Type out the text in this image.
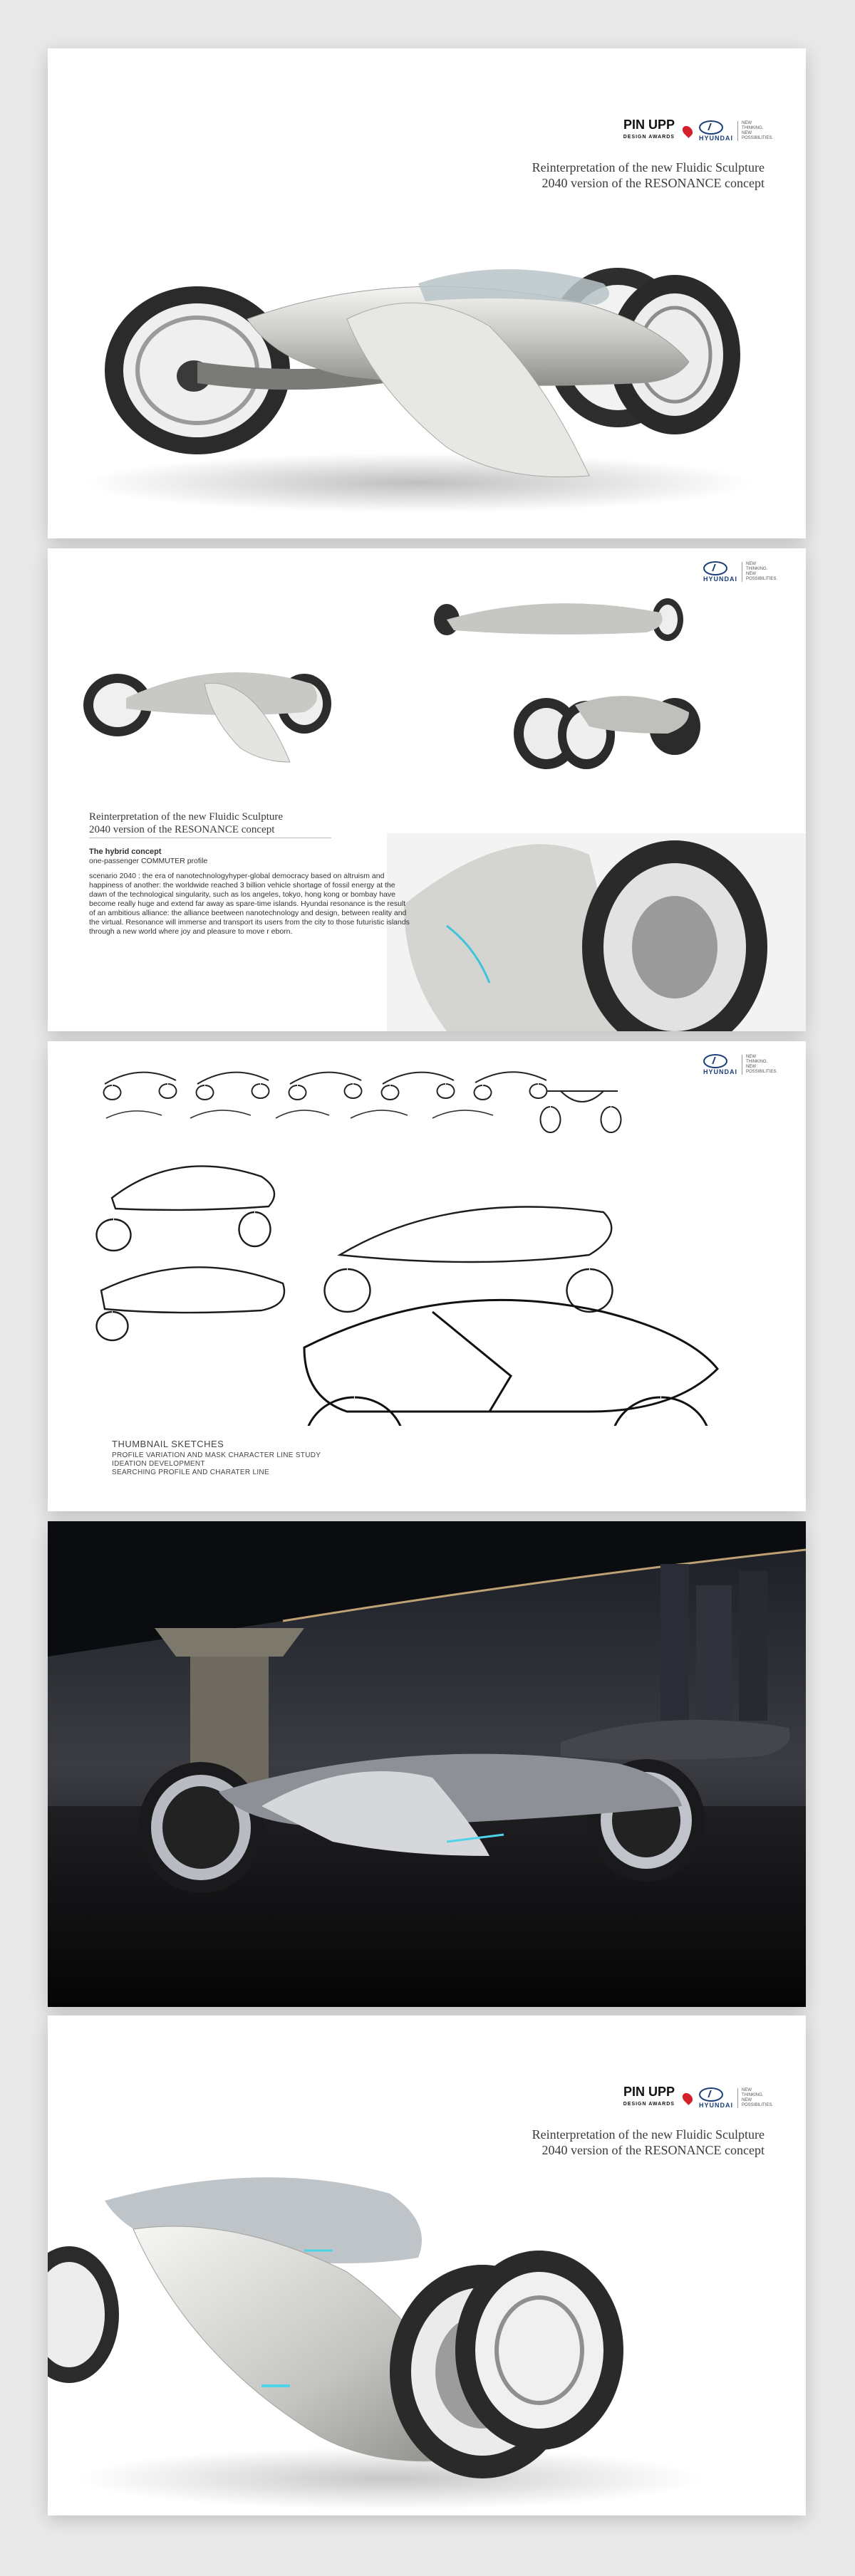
PIN UPP
DESIGN AWARDS	HYUNDAI
NEW
THINKING.
NEW
POSSIBILITIES.
Reinterpretation of the new Fluidic Sculpture
2040 version of the RESONANCE concept
HYUNDAI
NEW
THINKING.
NEW
POSSIBILITIES.
Reinterpretation of the new Fluidic Sculpture
2040 version of the RESONANCE concept
The hybrid concept
one-passenger COMMUTER profile
scenario 2040 : the era of nanotechnologyhyper-global democracy based on altruism and happiness of another: the worldwide reached 3 billion vehicle shortage of fossil energy at the dawn of the technological singularity, such as los angeles, tokyo, hong kong or bombay have become really huge and extend far away as spare-time islands. Hyundai resonance is the result of an ambitious alliance: the alliance beetween nanotechnology and design, between reality and the virtual. Resonance will immerse and transport its users from the city to those futuristic islands through a new world where joy and pleasure to move r eborn.
HYUNDAI
NEW
THINKING.
NEW
POSSIBILITIES.
THUMBNAIL SKETCHES
PROFILE VARIATION AND MASK CHARACTER LINE STUDY
IDEATION DEVELOPMENT
SEARCHING PROFILE AND CHARATER LINE
PIN UPP
DESIGN AWARDS	HYUNDAI
NEW
THINKING.
NEW
POSSIBILITIES.
Reinterpretation of the new Fluidic Sculpture
2040 version of the RESONANCE concept
